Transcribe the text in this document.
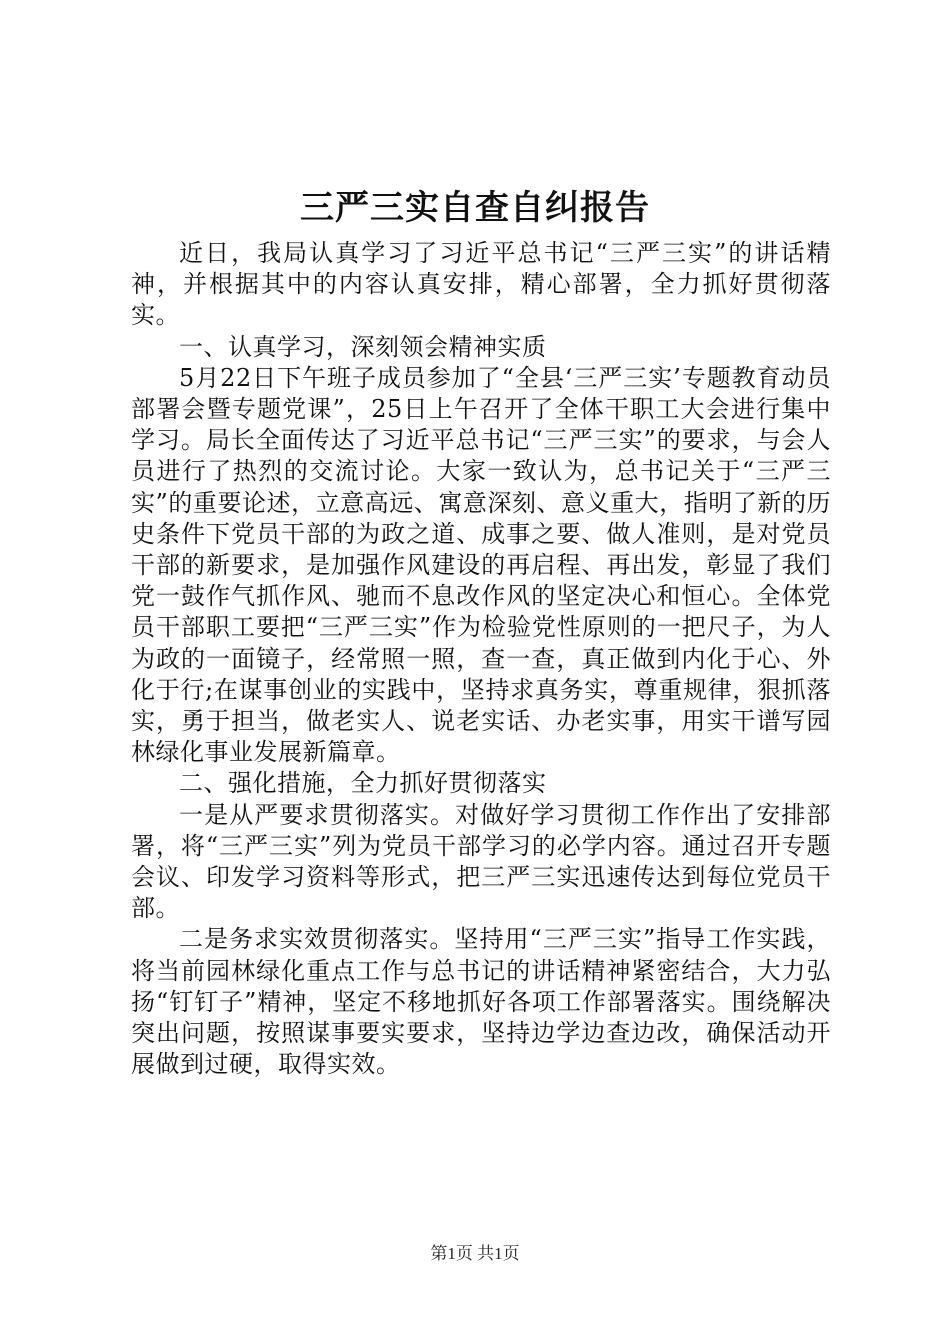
三严三实自查自纠报告

近日，我局认真学习了习近平总书记“三严三实”的讲话精神，并根据其中的内容认真安排，精心部署，全力抓好贯彻落实。

一、认真学习，深刻领会精神实质

5月22日下午班子成员参加了“全县‘三严三实’专题教育动员部署会暨专题党课”，25日上午召开了全体干职工大会进行集中学习。局长全面传达了习近平总书记“三严三实”的要求，与会人员进行了热烈的交流讨论。大家一致认为，总书记关于“三严三实”的重要论述，立意高远、寓意深刻、意义重大，指明了新的历史条件下党员干部的为政之道、成事之要、做人准则，是对党员干部的新要求，是加强作风建设的再启程、再出发，彰显了我们党一鼓作气抓作风、驰而不息改作风的坚定决心和恒心。全体党员干部职工要把“三严三实”作为检验党性原则的一把尺子，为人为政的一面镜子，经常照一照，查一查，真正做到内化于心、外化于行;在谋事创业的实践中，坚持求真务实，尊重规律，狠抓落实，勇于担当，做老实人、说老实话、办老实事，用实干谱写园林绿化事业发展新篇章。

二、强化措施，全力抓好贯彻落实

一是从严要求贯彻落实。对做好学习贯彻工作作出了安排部署，将“三严三实”列为党员干部学习的必学内容。通过召开专题会议、印发学习资料等形式，把三严三实迅速传达到每位党员干部。

二是务求实效贯彻落实。坚持用“三严三实”指导工作实践，将当前园林绿化重点工作与总书记的讲话精神紧密结合，大力弘扬“钉钉子”精神，坚定不移地抓好各项工作部署落实。围绕解决突出问题，按照谋事要实要求，坚持边学边查边改，确保活动开展做到过硬，取得实效。

第1页 共1页
